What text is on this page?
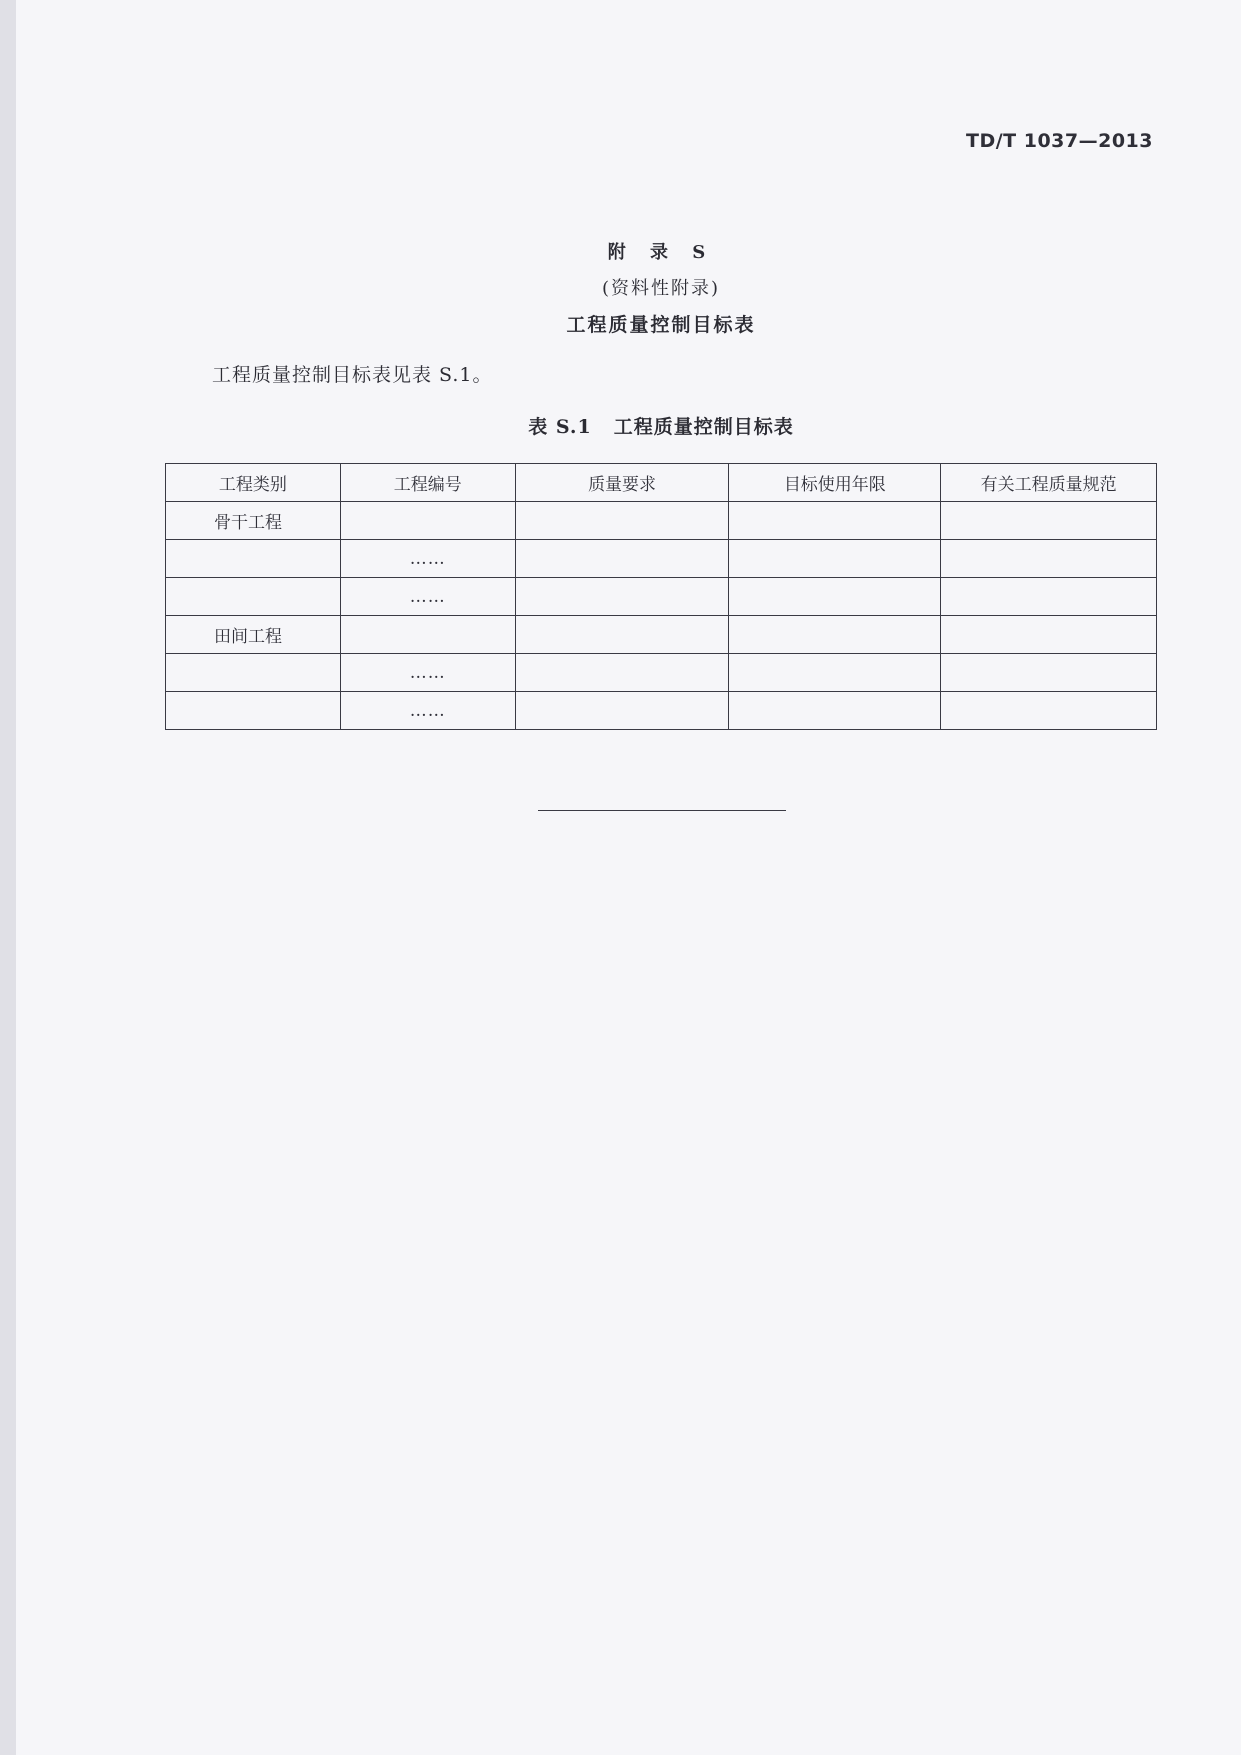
TD/T 1037—2013
附 录 S
(资料性附录)
工程质量控制目标表
工程质量控制目标表见表 S.1。
表 S.1 工程质量控制目标表
工程类别	工程编号	质量要求	目标使用年限	有关工程质量规范
骨干工程				
	……			
	……			
田间工程				
	……			
	……			
